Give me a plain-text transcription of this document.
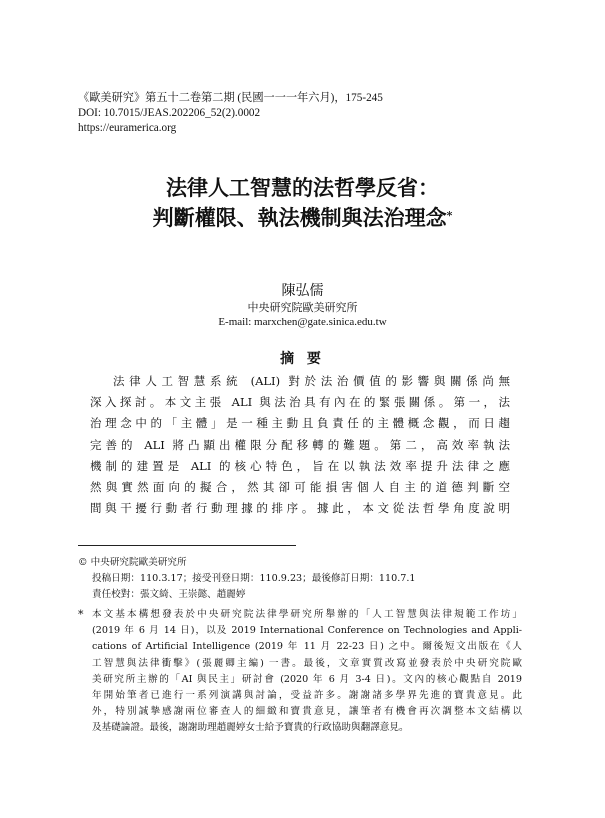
《歐美研究》第五十二卷第二期 (民國一一一年六月)，175-245
DOI: 10.7015/JEAS.202206_52(2).0002
https://euramerica.org
法律人工智慧的法哲學反省：
判斷權限、執法機制與法治理念*
陳弘儒
中央研究院歐美研究所
E-mail: marxchen@gate.sinica.edu.tw
摘 要
法律人工智慧系統 (ALI) 對於法治價值的影響與關係尚無
深入探討。本文主張 ALI 與法治具有內在的緊張關係。第一，法
治理念中的「主體」是一種主動且負責任的主體概念觀，而日趨
完善的 ALI 將凸顯出權限分配移轉的難題。第二，高效率執法
機制的建置是 ALI 的核心特色，旨在以執法效率提升法律之應
然與實然面向的擬合，然其卻可能損害個人自主的道德判斷空
間與干擾行動者行動理據的排序。據此，本文從法哲學角度說明
© 中央研究院歐美研究所
投稿日期：110.3.17；接受刊登日期：110.9.23；最後修訂日期：110.7.1
責任校對：張文綺、王崇懿、趙麗婷
* 本文基本構想發表於中央研究院法律學研究所舉辦的「人工智慧與法律規範工作坊」
(2019 年 6 月 14 日)，以及 2019 International Conference on Technologies and Appli-
cations of Artificial Intelligence (2019 年 11 月 22-23 日) 之中。爾後短文出版在《人
工智慧與法律衝擊》(張麗卿主編) 一書。最後，文章實質改寫並發表於中央研究院歐
美研究所主辦的「AI 與民主」研討會 (2020 年 6 月 3-4 日)。文內的核心觀點自 2019
年開始筆者已進行一系列演講與討論，受益許多。謝謝諸多學界先進的寶貴意見。此
外，特別誠摯感謝兩位審查人的細緻和寶貴意見，讓筆者有機會再次調整本文結構以
及基礎論證。最後，謝謝助理趙麗婷女士給予寶貴的行政協助與翻譯意見。
